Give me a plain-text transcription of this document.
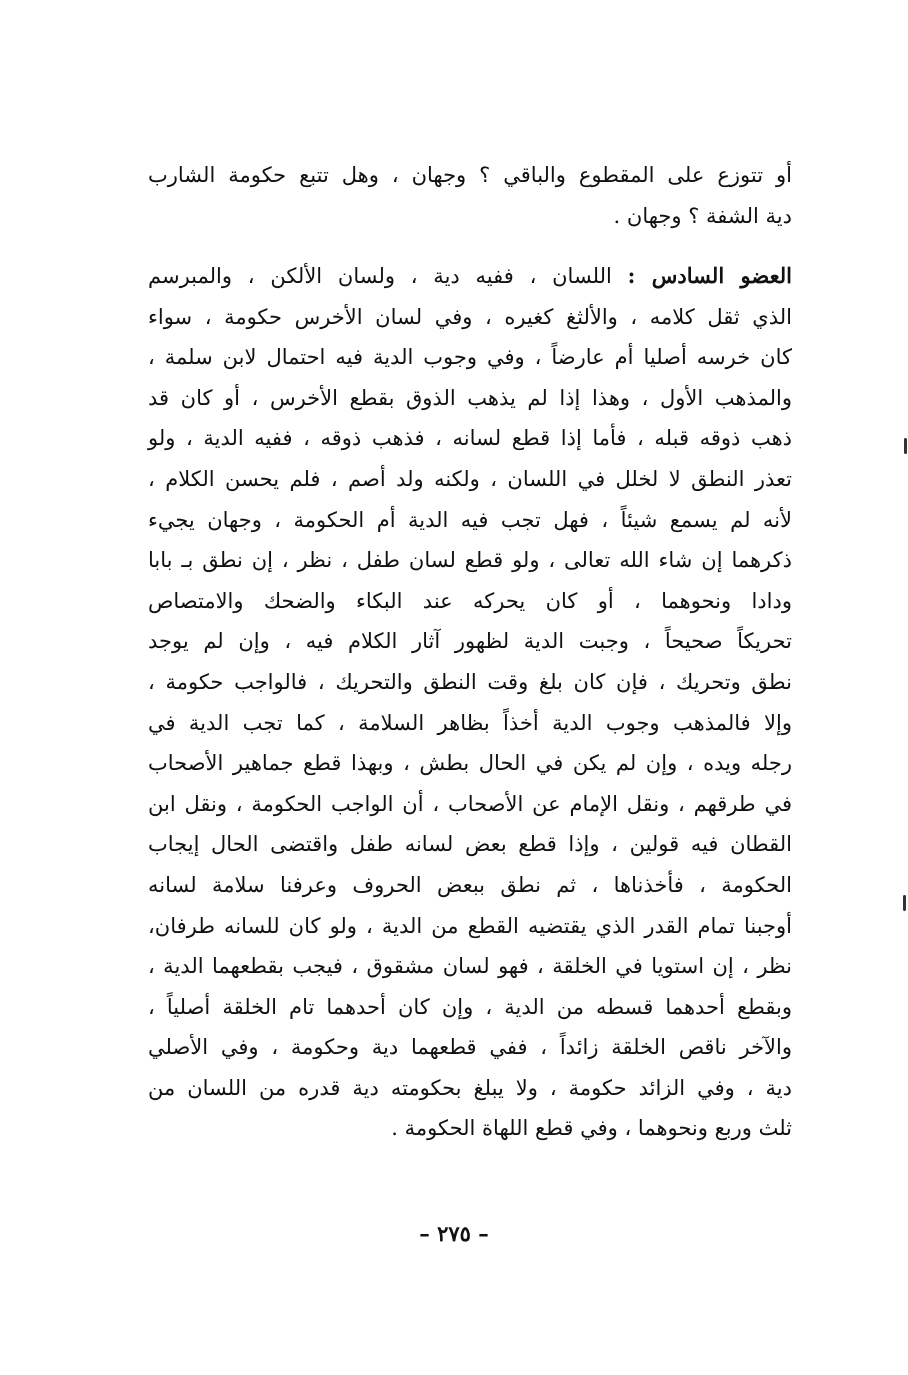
أو تتوزع على المقطوع والباقي ؟ وجهان ، وهل تتبع حكومة الشارب
دية الشفة ؟ وجهان .
العضو السادس : اللسان ، ففيه دية ، ولسان الألكن ، والمبرسم
الذي ثقل كلامه ، والألثغ كغيره ، وفي لسان الأخرس حكومة ، سواء
كان خرسه أصليا أم عارضاً ، وفي وجوب الدية فيه احتمال لابن سلمة ،
والمذهب الأول ، وهذا إذا لم يذهب الذوق بقطع الأخرس ، أو كان قد
ذهب ذوقه قبله ، فأما إذا قطع لسانه ، فذهب ذوقه ، ففيه الدية ، ولو
تعذر النطق لا لخلل في اللسان ، ولكنه ولد أصم ، فلم يحسن الكلام ،
لأنه لم يسمع شيئاً ، فهل تجب فيه الدية أم الحكومة ، وجهان يجيء
ذكرهما إن شاء الله تعالى ، ولو قطع لسان طفل ، نظر ، إن نطق بـ بابا
ودادا ونحوهما ، أو كان يحركه عند البكاء والضحك والامتصاص
تحريكاً صحيحاً ، وجبت الدية لظهور آثار الكلام فيه ، وإن لم يوجد
نطق وتحريك ، فإن كان بلغ وقت النطق والتحريك ، فالواجب حكومة ،
وإلا فالمذهب وجوب الدية أخذاً بظاهر السلامة ، كما تجب الدية في
رجله ويده ، وإن لم يكن في الحال بطش ، وبهذا قطع جماهير الأصحاب
في طرقهم ، ونقل الإمام عن الأصحاب ، أن الواجب الحكومة ، ونقل ابن
القطان فيه قولين ، وإذا قطع بعض لسانه طفل واقتضى الحال إيجاب
الحكومة ، فأخذناها ، ثم نطق ببعض الحروف وعرفنا سلامة لسانه
أوجبنا تمام القدر الذي يقتضيه القطع من الدية ، ولو كان للسانه طرفان،
نظر ، إن استويا في الخلقة ، فهو لسان مشقوق ، فيجب بقطعهما الدية ،
وبقطع أحدهما قسطه من الدية ، وإن كان أحدهما تام الخلقة أصلياً ،
والآخر ناقص الخلقة زائداً ، ففي قطعهما دية وحكومة ، وفي الأصلي
دية ، وفي الزائد حكومة ، ولا يبلغ بحكومته دية قدره من اللسان من
ثلث وربع ونحوهما ، وفي قطع اللهاة الحكومة .
– ٢٧٥ –
